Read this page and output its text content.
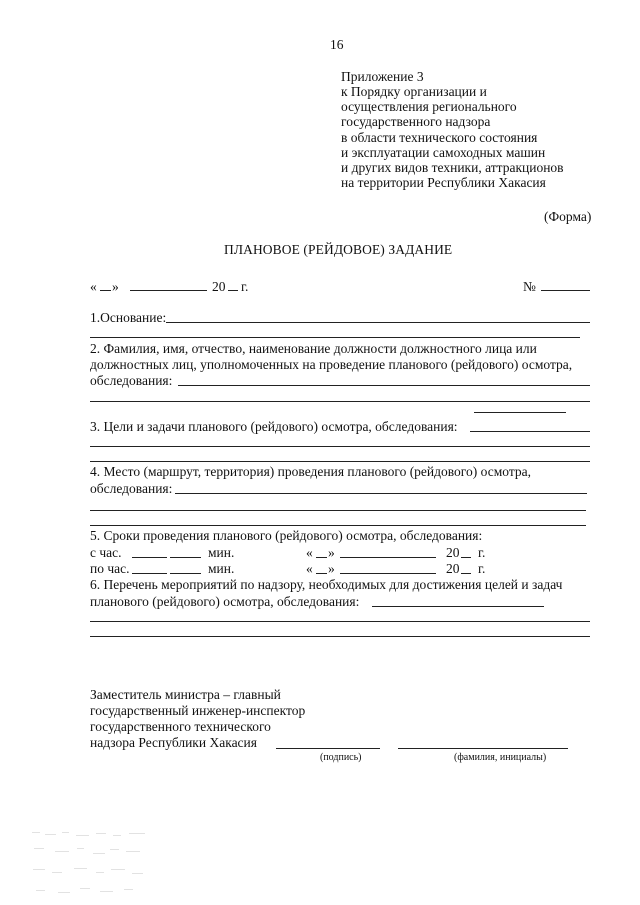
16
Приложение 3
к Порядку организации и
осуществления регионального
государственного надзора
в области технического состояния
и эксплуатации самоходных машин
и других видов техники, аттракционов
на территории Республики Хакасия
(Форма)
ПЛАНОВОЕ (РЕЙДОВОЕ) ЗАДАНИЕ
« »	20 г.	№
1.Основание:
2. Фамилия, имя, отчество, наименование должности должностного лица или
должностных лиц, уполномоченных на проведение планового (рейдового) осмотра,
обследования:
3. Цели и задачи планового (рейдового) осмотра, обследования:
4. Место (маршрут, территория) проведения планового (рейдового) осмотра,
обследования:
5. Сроки проведения планового (рейдового) осмотра, обследования:
с час.	мин.	« »	20 г.
по час.	мин.	« »	20 г.
6. Перечень мероприятий по надзору, необходимых для достижения целей и задач
планового (рейдового) осмотра, обследования:
Заместитель министра – главный
государственный инженер-инспектор
государственного технического
надзора Республики Хакасия
(подпись)	(фамилия, инициалы)
